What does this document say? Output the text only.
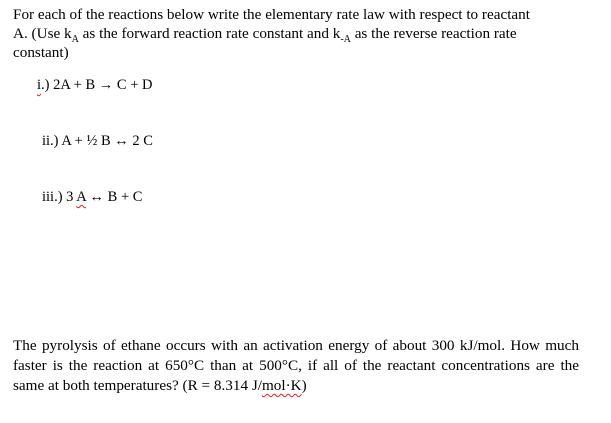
For each of the reactions below write the elementary rate law with respect to reactant
A. (Use $k_A$ as the forward reaction rate constant and $k_{-A}$ as the reverse reaction rate
constant)
i.) 2A + B → C + D
ii.) A + ½ B ↔ 2 C
iii.) 3 A ↔ B + C
The pyrolysis of ethane occurs with an activation energy of about 300 kJ/mol. How much faster is the reaction at 650°C than at 500°C, if all of the reactant concentrations are the same at both temperatures? (R = 8.314 J/mol·K)
